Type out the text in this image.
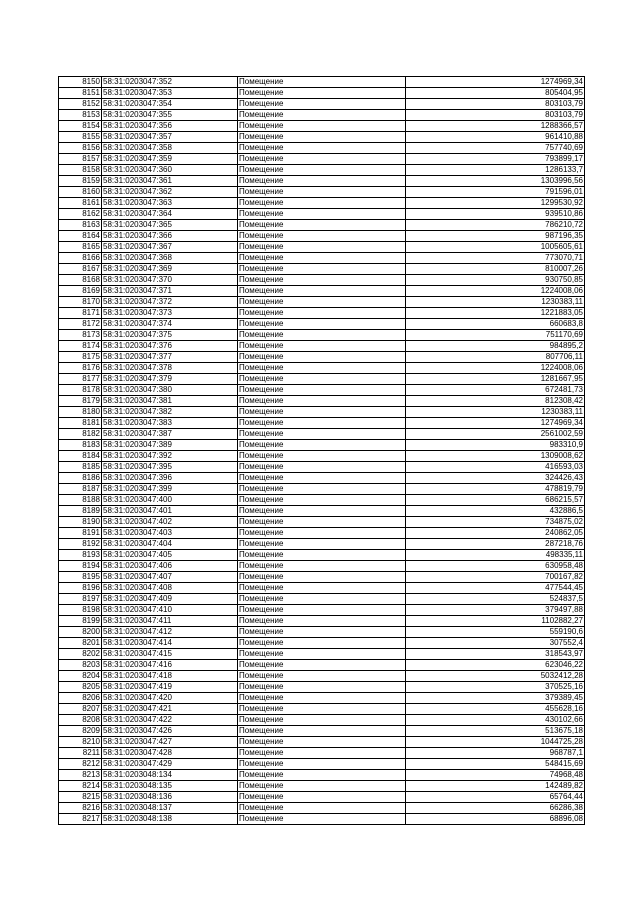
8150	58:31:0203047:352	Помещение	1274969,34
8151	58:31:0203047:353	Помещение	805404,95
8152	58:31:0203047:354	Помещение	803103,79
8153	58:31:0203047:355	Помещение	803103,79
8154	58:31:0203047:356	Помещение	1288366,57
8155	58:31:0203047:357	Помещение	961410,88
8156	58:31:0203047:358	Помещение	757740,69
8157	58:31:0203047:359	Помещение	793899,17
8158	58:31:0203047:360	Помещение	1286133,7
8159	58:31:0203047:361	Помещение	1303996,56
8160	58:31:0203047:362	Помещение	791596,01
8161	58:31:0203047:363	Помещение	1299530,92
8162	58:31:0203047:364	Помещение	939510,86
8163	58:31:0203047:365	Помещение	786210,72
8164	58:31:0203047:366	Помещение	987196,35
8165	58:31:0203047:367	Помещение	1005605,61
8166	58:31:0203047:368	Помещение	773070,71
8167	58:31:0203047:369	Помещение	810007,26
8168	58:31:0203047:370	Помещение	930750,85
8169	58:31:0203047:371	Помещение	1224008,06
8170	58:31:0203047:372	Помещение	1230383,11
8171	58:31:0203047:373	Помещение	1221883,05
8172	58:31:0203047:374	Помещение	660683,8
8173	58:31:0203047:375	Помещение	751170,69
8174	58:31:0203047:376	Помещение	984895,2
8175	58:31:0203047:377	Помещение	807706,11
8176	58:31:0203047:378	Помещение	1224008,06
8177	58:31:0203047:379	Помещение	1281667,95
8178	58:31:0203047:380	Помещение	672481,73
8179	58:31:0203047:381	Помещение	812308,42
8180	58:31:0203047:382	Помещение	1230383,11
8181	58:31:0203047:383	Помещение	1274969,34
8182	58:31:0203047:387	Помещение	2561002,59
8183	58:31:0203047:389	Помещение	983310,9
8184	58:31:0203047:392	Помещение	1309008,62
8185	58:31:0203047:395	Помещение	416593,03
8186	58:31:0203047:396	Помещение	324426,43
8187	58:31:0203047:399	Помещение	478819,79
8188	58:31:0203047:400	Помещение	686215,57
8189	58:31:0203047:401	Помещение	432886,5
8190	58:31:0203047:402	Помещение	734875,02
8191	58:31:0203047:403	Помещение	240862,05
8192	58:31:0203047:404	Помещение	287218,76
8193	58:31:0203047:405	Помещение	498335,11
8194	58:31:0203047:406	Помещение	630958,48
8195	58:31:0203047:407	Помещение	700167,82
8196	58:31:0203047:408	Помещение	477544,45
8197	58:31:0203047:409	Помещение	524837,5
8198	58:31:0203047:410	Помещение	379497,88
8199	58:31:0203047:411	Помещение	1102882,27
8200	58:31:0203047:412	Помещение	559190,6
8201	58:31:0203047:414	Помещение	307552,4
8202	58:31:0203047:415	Помещение	318543,97
8203	58:31:0203047:416	Помещение	623046,22
8204	58:31:0203047:418	Помещение	5032412,28
8205	58:31:0203047:419	Помещение	370525,16
8206	58:31:0203047:420	Помещение	379389,45
8207	58:31:0203047:421	Помещение	455628,16
8208	58:31:0203047:422	Помещение	430102,66
8209	58:31:0203047:426	Помещение	513675,18
8210	58:31:0203047:427	Помещение	1044725,28
8211	58:31:0203047:428	Помещение	968787,1
8212	58:31:0203047:429	Помещение	548415,69
8213	58:31:0203048:134	Помещение	74968,48
8214	58:31:0203048:135	Помещение	142489,82
8215	58:31:0203048:136	Помещение	65764,44
8216	58:31:0203048:137	Помещение	66286,38
8217	58:31:0203048:138	Помещение	68896,08
